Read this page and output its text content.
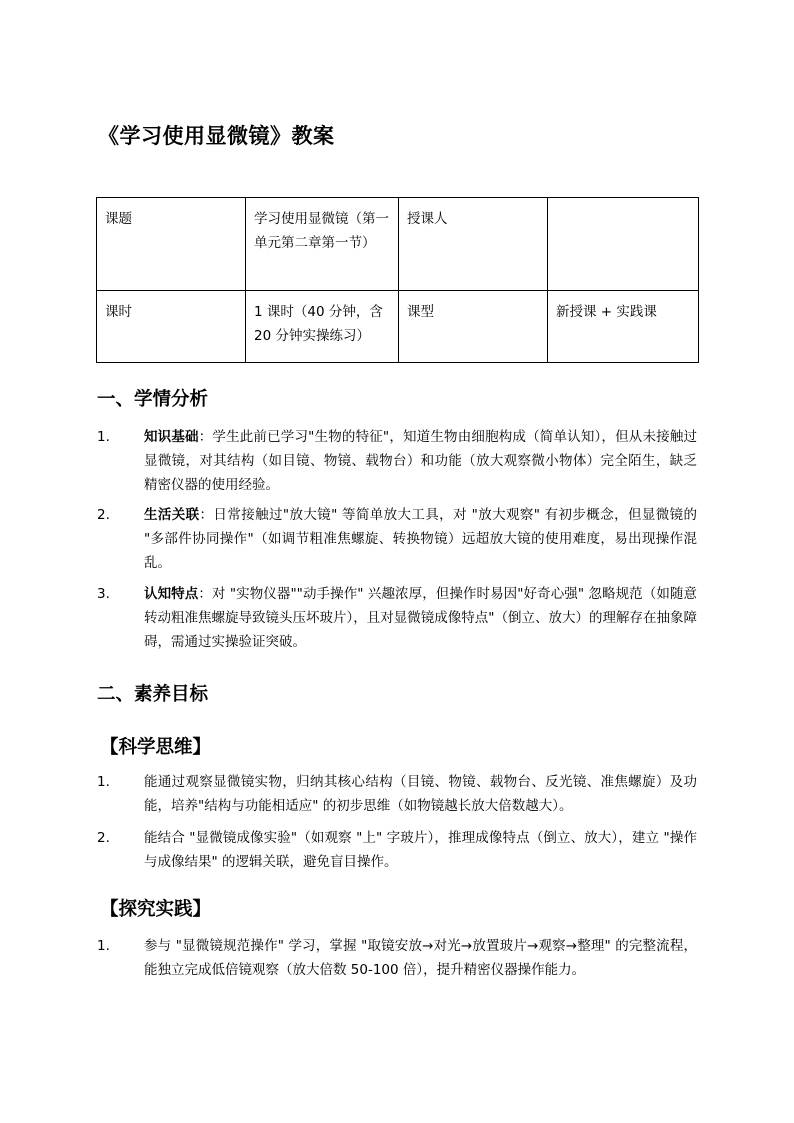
《学习使用显微镜》教案
课题	学习使用显微镜（第一单元第二章第一节）	授课人	
课时	1 课时（40 分钟，含 20 分钟实操练习）	课型	新授课 + 实践课
一、学情分析
1.	知识基础：学生此前已学习"生物的特征"，知道生物由细胞构成（简单认知），但从未接触过显微镜，对其结构（如目镜、物镜、载物台）和功能（放大观察微小物体）完全陌生，缺乏精密仪器的使用经验。
2.	生活关联：日常接触过"放大镜" 等简单放大工具，对 "放大观察" 有初步概念，但显微镜的 "多部件协同操作"（如调节粗准焦螺旋、转换物镜）远超放大镜的使用难度，易出现操作混乱。
3.	认知特点：对 "实物仪器""动手操作" 兴趣浓厚，但操作时易因"好奇心强" 忽略规范（如随意转动粗准焦螺旋导致镜头压坏玻片），且对显微镜成像特点"（倒立、放大）的理解存在抽象障碍，需通过实操验证突破。
二、素养目标
【科学思维】
1.	能通过观察显微镜实物，归纳其核心结构（目镜、物镜、载物台、反光镜、准焦螺旋）及功能，培养"结构与功能相适应" 的初步思维（如物镜越长放大倍数越大）。
2.	能结合 "显微镜成像实验"（如观察 "上" 字玻片），推理成像特点（倒立、放大），建立 "操作与成像结果" 的逻辑关联，避免盲目操作。
【探究实践】
1.	参与 "显微镜规范操作" 学习，掌握 "取镜安放→对光→放置玻片→观察→整理" 的完整流程，能独立完成低倍镜观察（放大倍数 50-100 倍），提升精密仪器操作能力。
